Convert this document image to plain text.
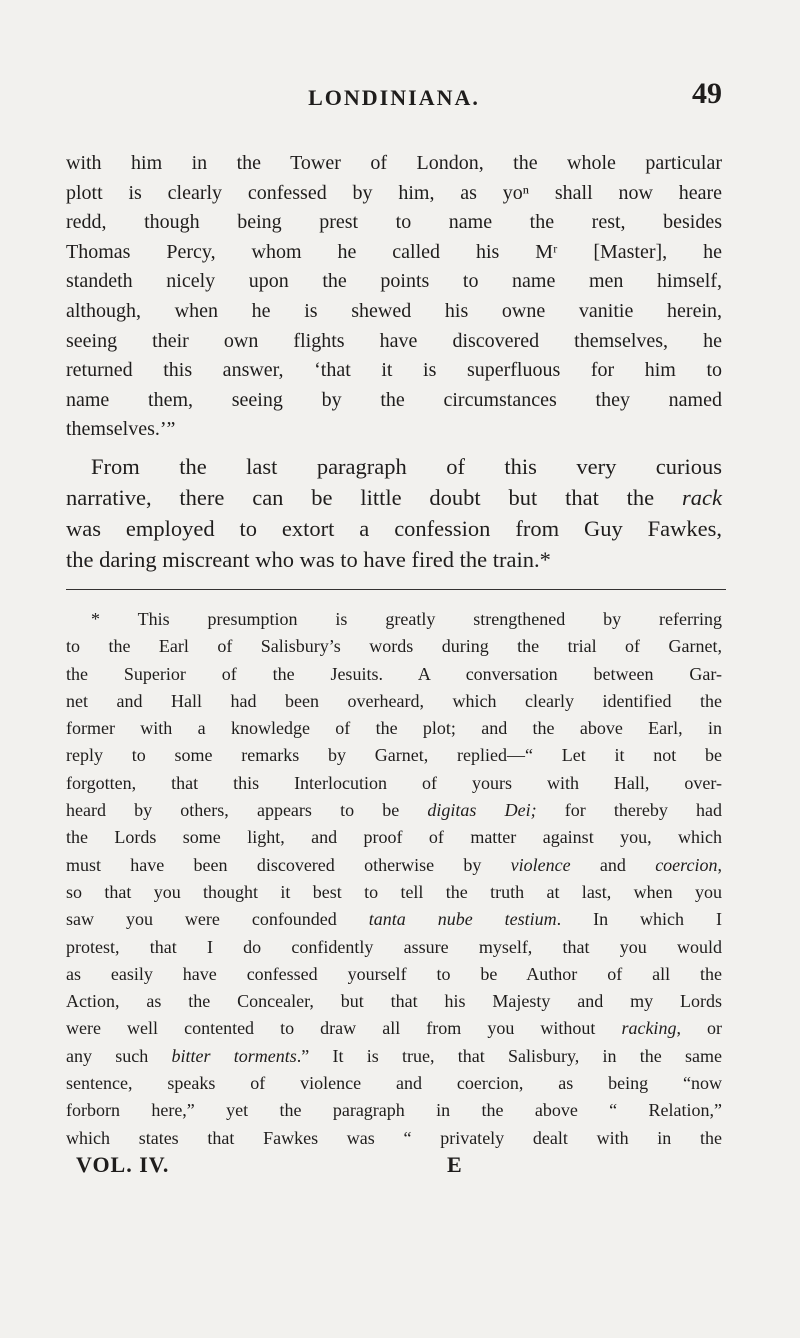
LONDINIANA.	49
with him in the Tower of London, the whole particular
plott is clearly confessed by him, as yoⁿ shall now heare
redd, though being prest to name the rest, besides
Thomas Percy, whom he called his Mʳ [Master], he
standeth nicely upon the points to name men himself,
although, when he is shewed his owne vanitie herein,
seeing their own flights have discovered themselves, he
returned this answer, ‘that it is superfluous for him to
name them, seeing by the circumstances they named
themselves.’”
From the last paragraph of this very curious
narrative, there can be little doubt but that the rack
was employed to extort a confession from Guy Fawkes,
the daring miscreant who was to have fired the train.*
* This presumption is greatly strengthened by referring
to the Earl of Salisbury’s words during the trial of Garnet,
the Superior of the Jesuits. A conversation between Gar-
net and Hall had been overheard, which clearly identified the
former with a knowledge of the plot; and the above Earl, in
reply to some remarks by Garnet, replied—“ Let it not be
forgotten, that this Interlocution of yours with Hall, over-
heard by others, appears to be digitas Dei; for thereby had
the Lords some light, and proof of matter against you, which
must have been discovered otherwise by violence and coercion,
so that you thought it best to tell the truth at last, when you
saw you were confounded tanta nube testium. In which I
protest, that I do confidently assure myself, that you would
as easily have confessed yourself to be Author of all the
Action, as the Concealer, but that his Majesty and my Lords
were well contented to draw all from you without racking, or
any such bitter torments.” It is true, that Salisbury, in the same
sentence, speaks of violence and coercion, as being “now
forborn here,” yet the paragraph in the above “ Relation,”
which states that Fawkes was “ privately dealt with in the
VOL. IV.	E
